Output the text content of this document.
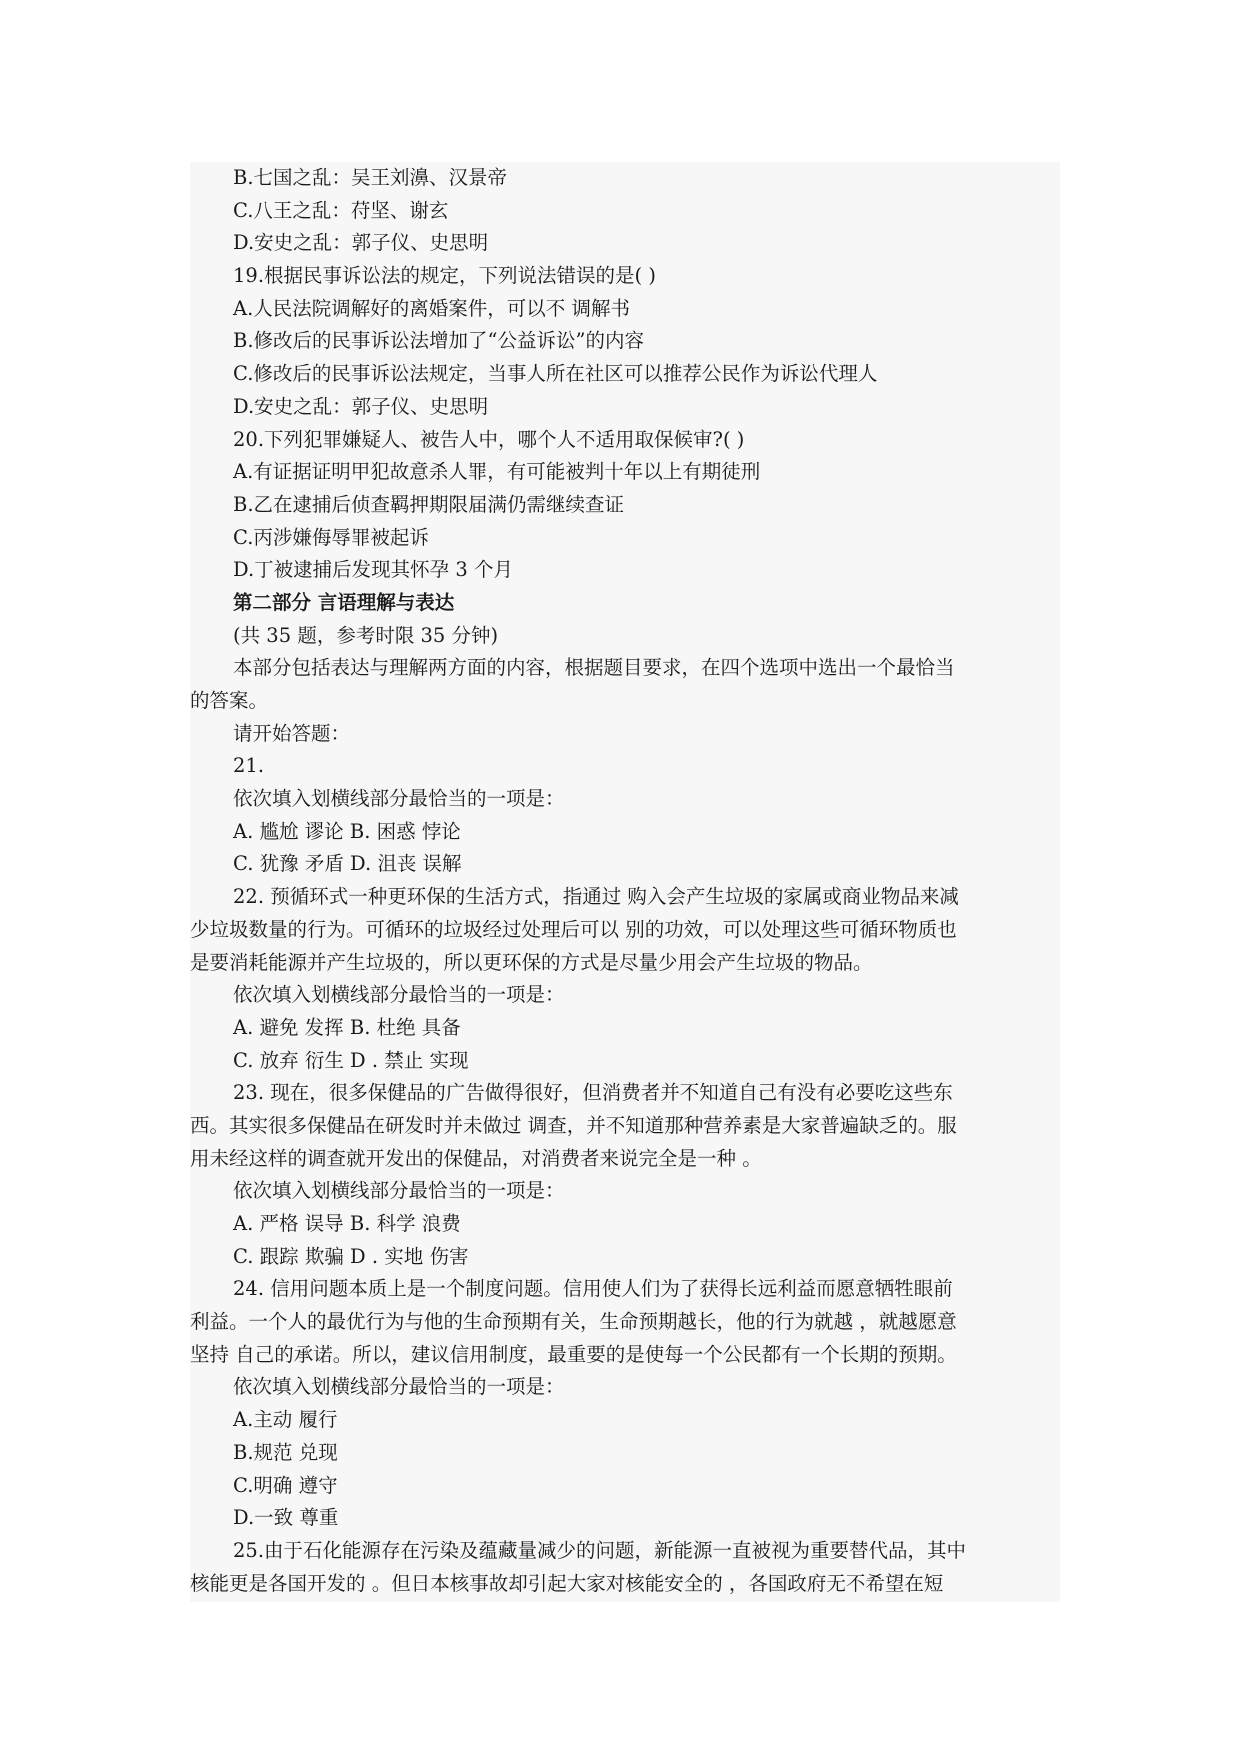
B.七国之乱：吴王刘濞、汉景帝
C.八王之乱：苻坚、谢玄
D.安史之乱：郭子仪、史思明
19.根据民事诉讼法的规定，下列说法错误的是( )
A.人民法院调解好的离婚案件，可以不 调解书
B.修改后的民事诉讼法增加了“公益诉讼”的内容
C.修改后的民事诉讼法规定，当事人所在社区可以推荐公民作为诉讼代理人
D.安史之乱：郭子仪、史思明
20.下列犯罪嫌疑人、被告人中，哪个人不适用取保候审?( )
A.有证据证明甲犯故意杀人罪，有可能被判十年以上有期徒刑
B.乙在逮捕后侦查羁押期限届满仍需继续查证
C.丙涉嫌侮辱罪被起诉
D.丁被逮捕后发现其怀孕 3 个月
第二部分 言语理解与表达
(共 35 题，参考时限 35 分钟)
本部分包括表达与理解两方面的内容，根据题目要求，在四个选项中选出一个最恰当
的答案。
请开始答题：
21.
依次填入划横线部分最恰当的一项是：
A. 尴尬 谬论 B. 困惑 悖论
C. 犹豫 矛盾 D. 沮丧 误解
22. 预循环式一种更环保的生活方式，指通过 购入会产生垃圾的家属或商业物品来减
少垃圾数量的行为。可循环的垃圾经过处理后可以 别的功效，可以处理这些可循环物质也
是要消耗能源并产生垃圾的，所以更环保的方式是尽量少用会产生垃圾的物品。
依次填入划横线部分最恰当的一项是：
A. 避免 发挥 B. 杜绝 具备
C. 放弃 衍生 D . 禁止 实现
23. 现在，很多保健品的广告做得很好，但消费者并不知道自己有没有必要吃这些东
西。其实很多保健品在研发时并未做过 调查，并不知道那种营养素是大家普遍缺乏的。服
用未经这样的调查就开发出的保健品，对消费者来说完全是一种 。
依次填入划横线部分最恰当的一项是：
A. 严格 误导 B. 科学 浪费
C. 跟踪 欺骗 D . 实地 伤害
24. 信用问题本质上是一个制度问题。信用使人们为了获得长远利益而愿意牺牲眼前
利益。一个人的最优行为与他的生命预期有关，生命预期越长，他的行为就越 ，就越愿意
坚持 自己的承诺。所以，建议信用制度，最重要的是使每一个公民都有一个长期的预期。
依次填入划横线部分最恰当的一项是：
A.主动 履行
B.规范 兑现
C.明确 遵守
D.一致 尊重
25.由于石化能源存在污染及蕴藏量减少的问题，新能源一直被视为重要替代品，其中
核能更是各国开发的 。但日本核事故却引起大家对核能安全的 ，各国政府无不希望在短
